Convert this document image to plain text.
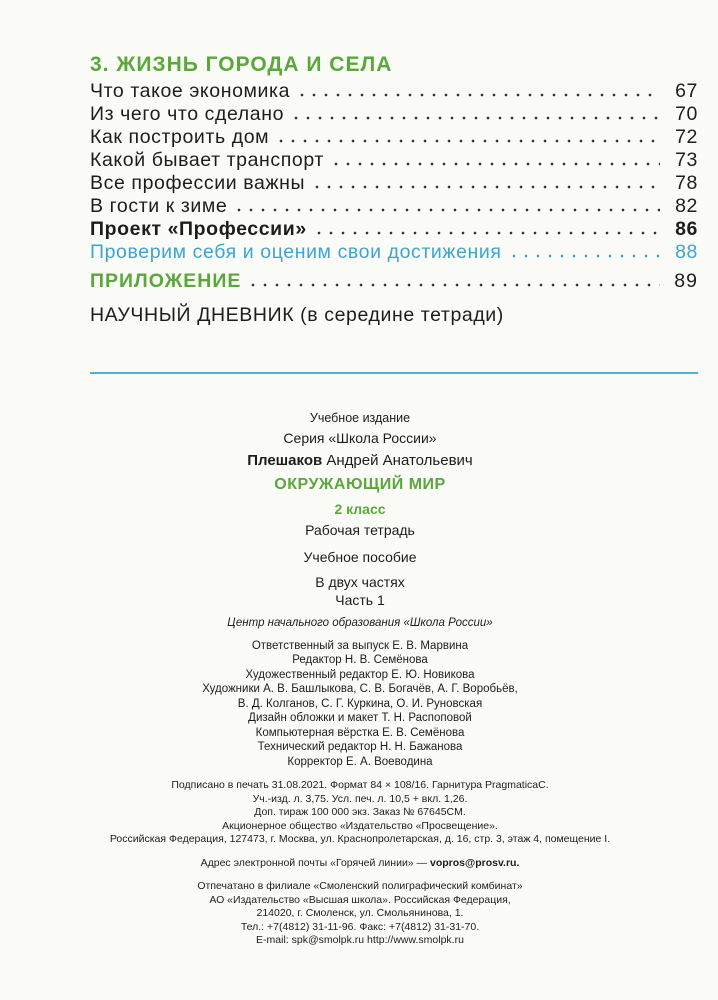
3. ЖИЗНЬ ГОРОДА И СЕЛА
Что такое экономика	67
Из чего что сделано	70
Как построить дом	72
Какой бывает транспорт	73
Все профессии важны	78
В гости к зиме	82
Проект «Профессии»	86
Проверим себя и оценим свои достижения	88
ПРИЛОЖЕНИЕ	89
НАУЧНЫЙ ДНЕВНИК (в середине тетради)
Учебное издание
Серия «Школа России»
Плешаков Андрей Анатольевич
ОКРУЖАЮЩИЙ МИР
2 класс
Рабочая тетрадь
Учебное пособие
В двух частях
Часть 1
Центр начального образования «Школа России»
Ответственный за выпуск Е. В. Марвина
Редактор Н. В. Семёнова
Художественный редактор Е. Ю. Новикова
Художники А. В. Башлыкова, С. В. Богачёв, А. Г. Воробьёв,
В. Д. Колганов, С. Г. Куркина, О. И. Руновская
Дизайн обложки и макет Т. Н. Распоповой
Компьютерная вёрстка Е. В. Семёнова
Технический редактор Н. Н. Бажанова
Корректор Е. А. Воеводина
Подписано в печать 31.08.2021. Формат 84 × 108/16. Гарнитура PragmaticaC.
Уч.-изд. л. 3,75. Усл. печ. л. 10,5 + вкл. 1,26.
Доп. тираж 100 000 экз. Заказ № 67645CM.
Акционерное общество «Издательство «Просвещение».
Российская Федерация, 127473, г. Москва, ул. Краснопролетарская, д. 16, стр. 3, этаж 4, помещение I.
Адрес электронной почты «Горячей линии» — vopros@prosv.ru.
Отпечатано в филиале «Смоленский полиграфический комбинат»
АО «Издательство «Высшая школа». Российская Федерация,
214020, г. Смоленск, ул. Смольянинова, 1.
Тел.: +7(4812) 31-11-96. Факс: +7(4812) 31-31-70.
E-mail: spk@smolpk.ru http://www.smolpk.ru
